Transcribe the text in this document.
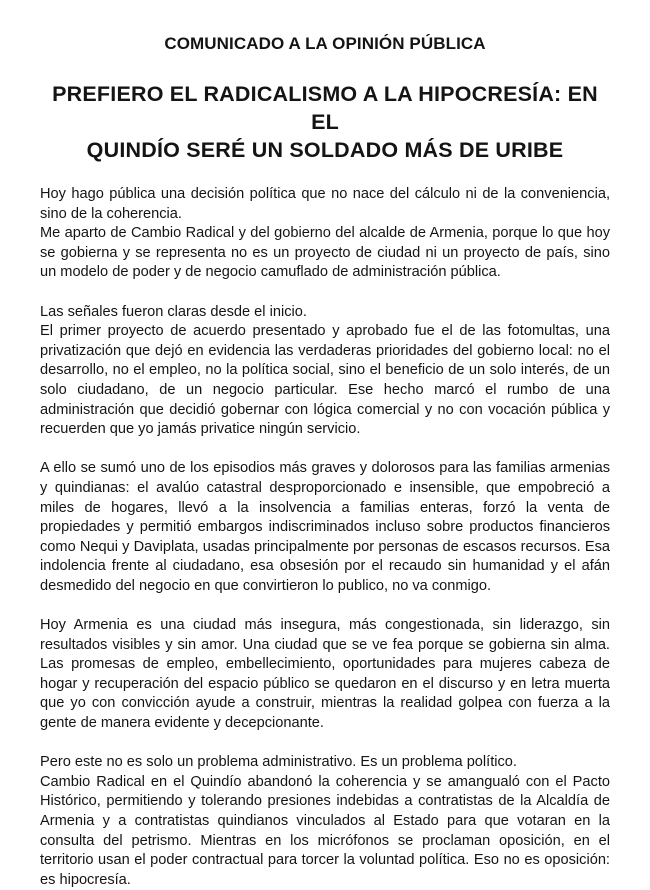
COMUNICADO A LA OPINIÓN PÚBLICA
PREFIERO EL RADICALISMO A LA HIPOCRESÍA: EN EL
QUINDÍO SERÉ UN SOLDADO MÁS DE URIBE

Hoy hago pública una decisión política que no nace del cálculo ni de la conveniencia, sino de la coherencia.

Me aparto de Cambio Radical y del gobierno del alcalde de Armenia, porque lo que hoy se gobierna y se representa no es un proyecto de ciudad ni un proyecto de país, sino un modelo de poder y de negocio camuflado de administración pública.

Las señales fueron claras desde el inicio.

El primer proyecto de acuerdo presentado y aprobado fue el de las fotomultas, una privatización que dejó en evidencia las verdaderas prioridades del gobierno local: no el desarrollo, no el empleo, no la política social, sino el beneficio de un solo interés, de un solo ciudadano, de un negocio particular. Ese hecho marcó el rumbo de una administración que decidió gobernar con lógica comercial y no con vocación pública y recuerden que yo jamás privatice ningún servicio.

A ello se sumó uno de los episodios más graves y dolorosos para las familias armenias y quindianas: el avalúo catastral desproporcionado e insensible, que empobreció a miles de hogares, llevó a la insolvencia a familias enteras, forzó la venta de propiedades y permitió embargos indiscriminados incluso sobre productos financieros como Nequi y Daviplata, usadas principalmente por personas de escasos recursos. Esa indolencia frente al ciudadano, esa obsesión por el recaudo sin humanidad y el afán desmedido del negocio en que convirtieron lo publico, no va conmigo.

Hoy Armenia es una ciudad más insegura, más congestionada, sin liderazgo, sin resultados visibles y sin amor. Una ciudad que se ve fea porque se gobierna sin alma. Las promesas de empleo, embellecimiento, oportunidades para mujeres cabeza de hogar y recuperación del espacio público se quedaron en el discurso y en letra muerta que yo con convicción ayude a construir, mientras la realidad golpea con fuerza a la gente de manera evidente y decepcionante.

Pero este no es solo un problema administrativo. Es un problema político.

Cambio Radical en el Quindío abandonó la coherencia y se amangualó con el Pacto Histórico, permitiendo y tolerando presiones indebidas a contratistas de la Alcaldía de Armenia y a contratistas quindianos vinculados al Estado para que votaran en la consulta del petrismo. Mientras en los micrófonos se proclaman oposición, en el territorio usan el poder contractual para torcer la voluntad política. Eso no es oposición: es hipocresía.
